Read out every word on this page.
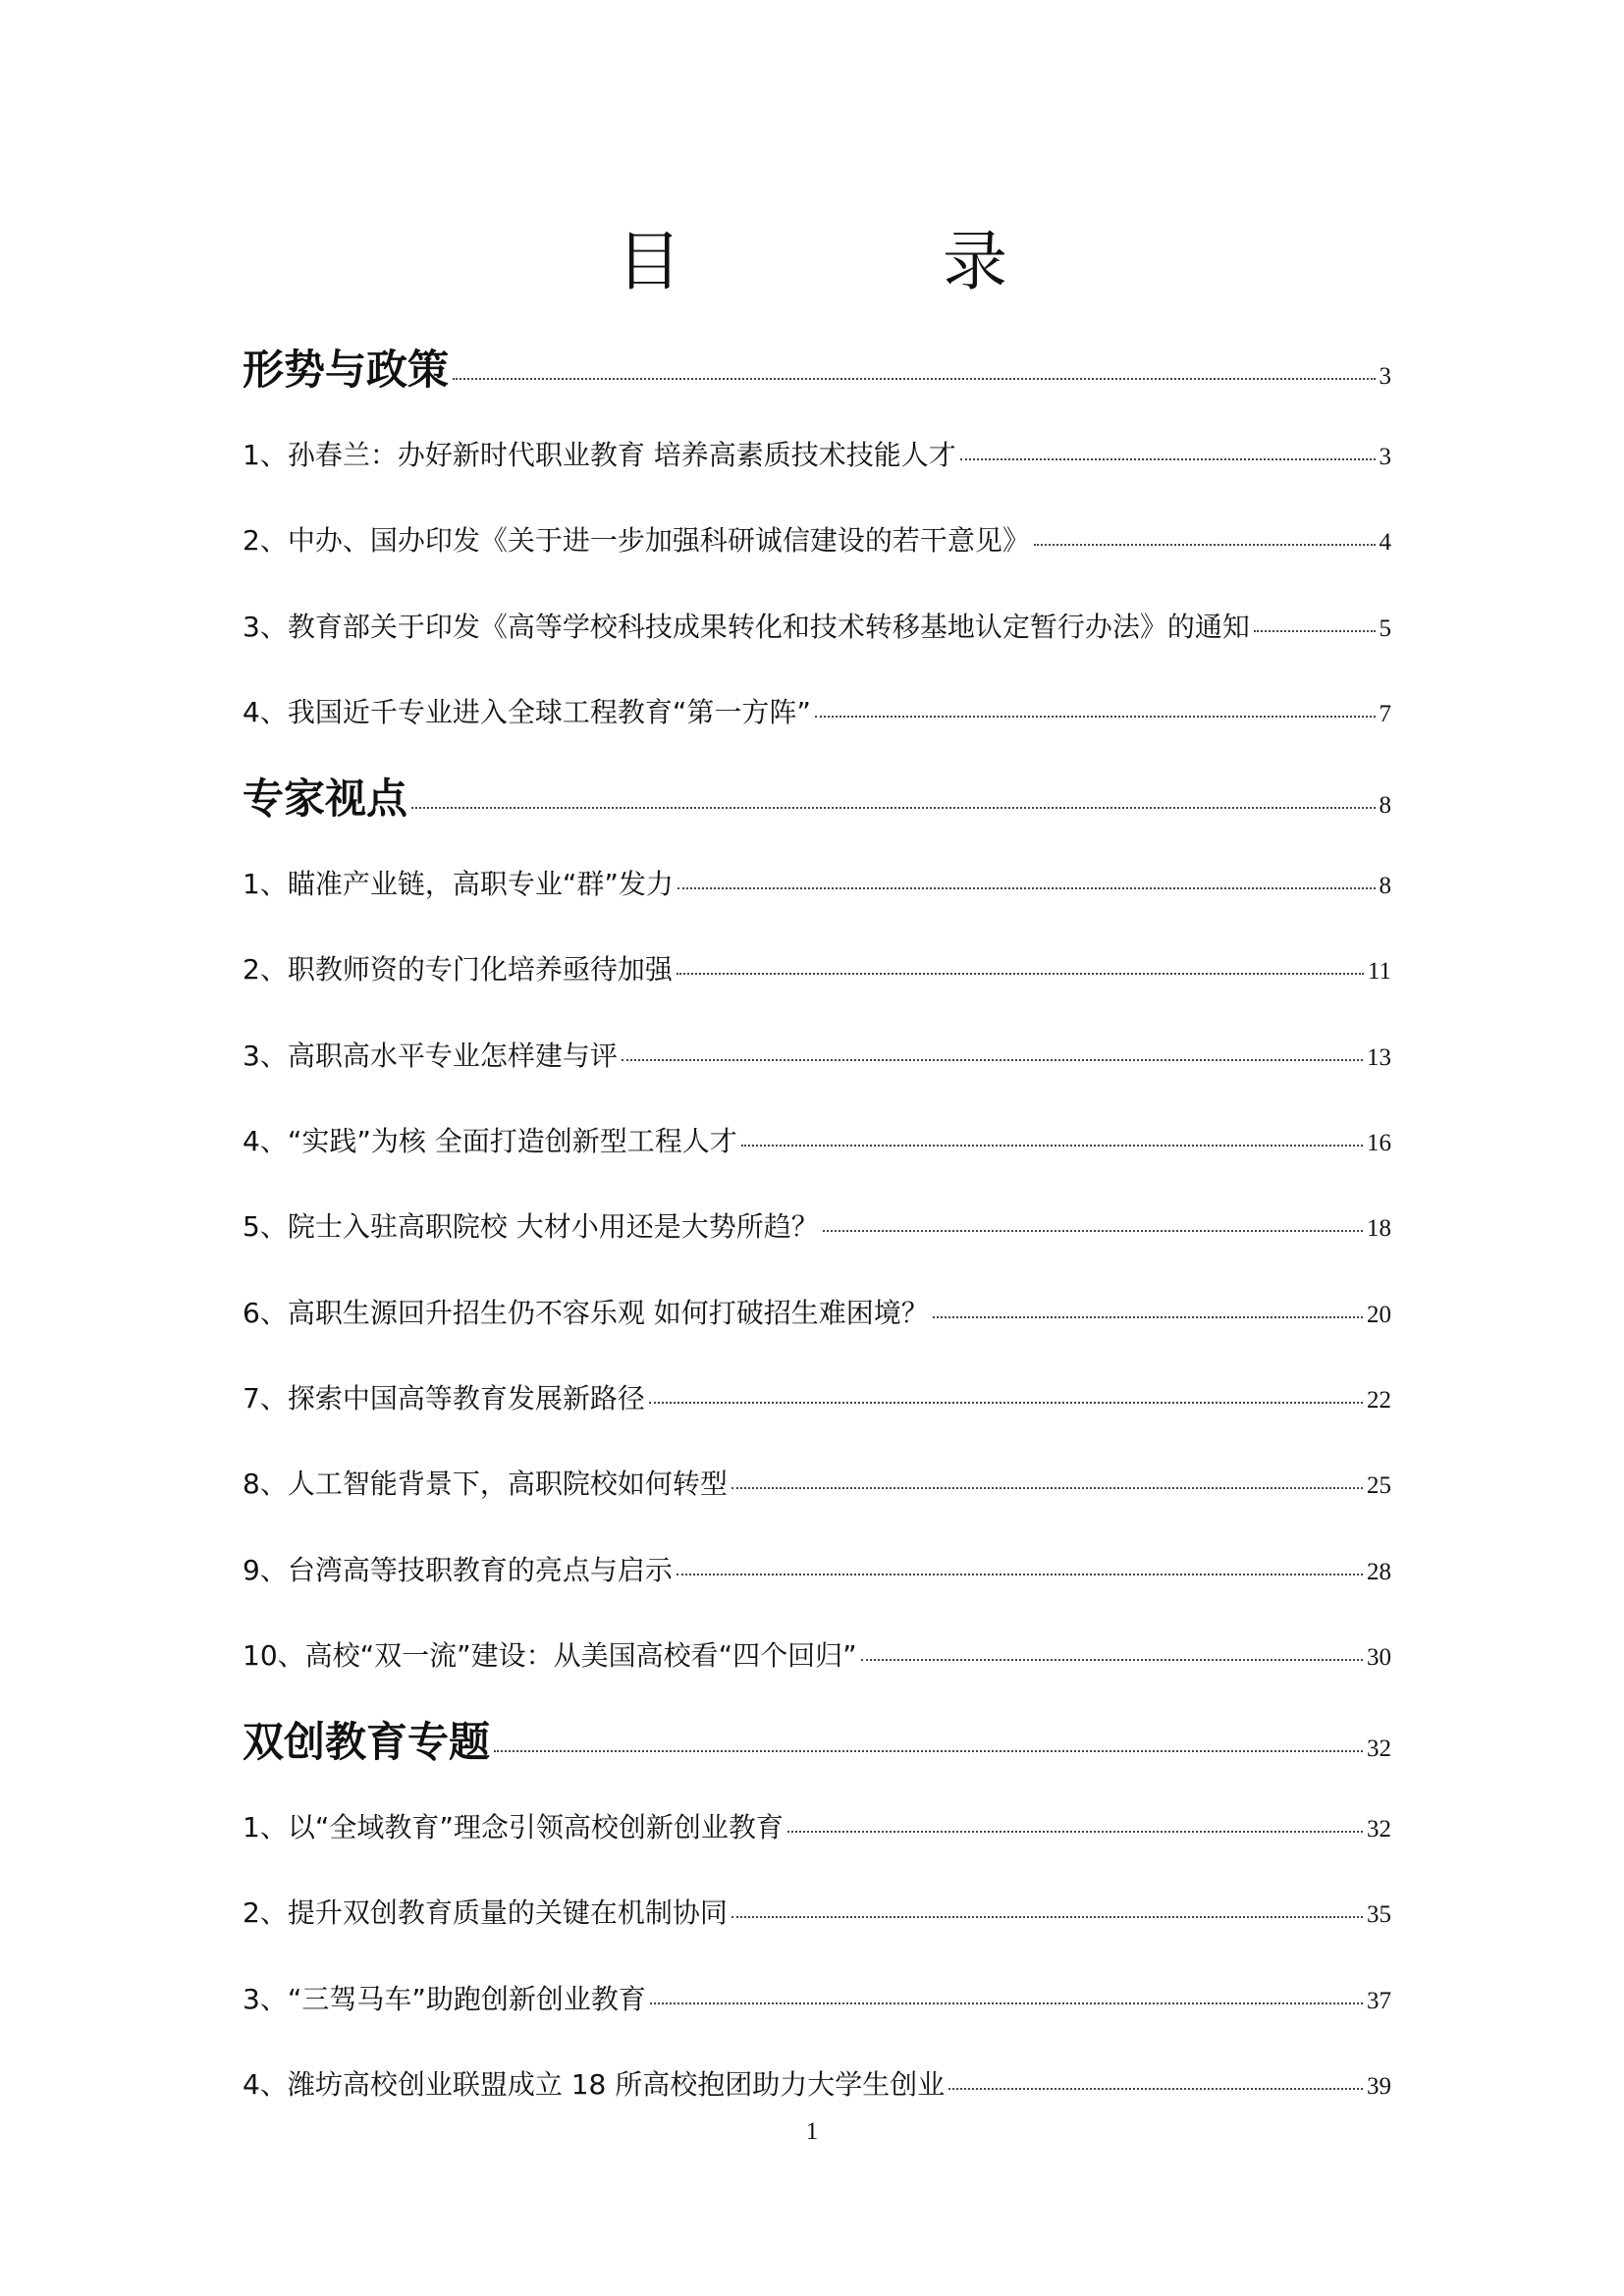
目　录
形势与政策	3
1、孙春兰：办好新时代职业教育 培养高素质技术技能人才	3
2、中办、国办印发《关于进一步加强科研诚信建设的若干意见》	4
3、教育部关于印发《高等学校科技成果转化和技术转移基地认定暂行办法》的通知	5
4、我国近千专业进入全球工程教育“第一方阵”	7
专家视点	8
1、瞄准产业链，高职专业“群”发力	8
2、职教师资的专门化培养亟待加强	11
3、高职高水平专业怎样建与评	13
4、“实践”为核 全面打造创新型工程人才	16
5、院士入驻高职院校 大材小用还是大势所趋？	18
6、高职生源回升招生仍不容乐观 如何打破招生难困境？	20
7、探索中国高等教育发展新路径	22
8、人工智能背景下，高职院校如何转型	25
9、台湾高等技职教育的亮点与启示	28
10、高校“双一流”建设：从美国高校看“四个回归”	30
双创教育专题	32
1、以“全域教育”理念引领高校创新创业教育	32
2、提升双创教育质量的关键在机制协同	35
3、“三驾马车”助跑创新创业教育	37
4、潍坊高校创业联盟成立 18 所高校抱团助力大学生创业	39
1
